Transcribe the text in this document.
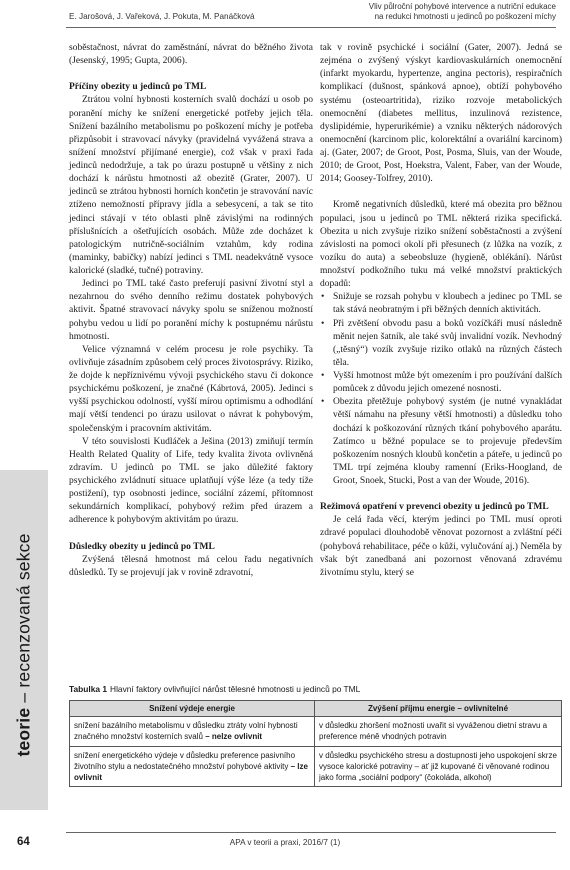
E. Jarošová, J. Vařeková, J. Pokuta, M. Panáčková
Vliv půlroční pohybové intervence a nutriční edukace
na redukci hmotnosti u jedinců po poškození míchy
teorie – recenzovaná sekce

soběstačnost, návrat do zaměstnání, návrat do běžného života (Jesenský, 1995; Gupta, 2006).

Příčiny obezity u jedinců po TML

Ztrátou volní hybnosti kosterních svalů dochází u osob po poranění míchy ke snížení energetické potřeby jejich těla. Snížení bazálního metabolismu po poškození míchy je potřeba přizpůsobit i stravovací návyky (pravidelná vyvážená strava a snížení množství přijímané energie), což však v praxi řada jedinců nedodržuje, a tak po úrazu postupně u většiny z nich dochází k nárůstu hmotnosti až obezitě (Grater, 2007). U jedinců se ztrátou hybnosti horních končetin je stravování navíc ztíženo nemožností přípravy jídla a sebesycení, a tak se tito jedinci stávají v této oblasti plně závislými na rodinných příslušnících a ošetřujících osobách. Může zde docházet k patologickým nutričně-sociálním vztahům, kdy rodina (maminky, babičky) nabízí jedinci s TML neadekvátně vysoce kalorické (sladké, tučné) potraviny.

Jedinci po TML také často preferují pasivní životní styl a nezahrnou do svého denního režimu dostatek pohybových aktivit. Špatné stravovací návyky spolu se sníženou možností pohybu vedou u lidí po poranění míchy k postupnému nárůstu hmotnosti.

Velice významná v celém procesu je role psychiky. Ta ovlivňuje zásadním způsobem celý proces životosprávy. Riziko, že dojde k nepříznivému vývoji psychického stavu či dokonce psychickému poškození, je značné (Kábrtová, 2005). Jedinci s vyšší psychickou odolností, vyšší mírou optimismu a odhodlání mají větší tendenci po úrazu usilovat o návrat k pohybovým, společenským i pracovním aktivitám.

V této souvislosti Kudláček a Ješina (2013) zmiňují termín Health Related Quality of Life, tedy kvalita života ovlivněná zdravím. U jedinců po TML se jako důležité faktory psychického zvládnutí situace uplatňují výše léze (a tedy tíže postižení), typ osobnosti jedince, sociální zázemí, přítomnost sekundárních komplikací, pohybový režim před úrazem a adherence k pohybovým aktivitám po úrazu.

Důsledky obezity u jedinců po TML

Zvýšená tělesná hmotnost má celou řadu negativních důsledků. Ty se projevují jak v rovině zdravotní,

tak v rovině psychické i sociální (Gater, 2007). Jedná se zejména o zvýšený výskyt kardiovaskulárních onemocnění (infarkt myokardu, hypertenze, angina pectoris), respiračních komplikací (dušnost, spánková apnoe), obtíží pohybového systému (osteoartritida), riziko rozvoje metabolických onemocnění (diabetes mellitus, inzulinová rezistence, dyslipidémie, hyperurikémie) a vzniku některých nádorových onemocnění (karcinom plic, kolorektální a ovariální karcinom) aj. (Gater, 2007; de Groot, Post, Posma, Sluis, van der Woude, 2010; de Groot, Post, Hoekstra, Valent, Faber, van der Woude, 2014; Goosey-Tolfrey, 2010).

Kromě negativních důsledků, které má obezita pro běžnou populaci, jsou u jedinců po TML některá rizika specifická. Obezita u nich zvyšuje riziko snížení soběstačnosti a zvýšení závislosti na pomoci okolí při přesunech (z lůžka na vozík, z vozíku do auta) a sebeobsluze (hygieně, oblékání). Nárůst množství podkožního tuku má velké množství praktických dopadů:

• Snižuje se rozsah pohybu v kloubech a jedinec po TML se tak stává neobratným i při běžných denních aktivitách.
• Při zvětšení obvodu pasu a boků vozíčkáři musí následně měnit nejen šatník, ale také svůj invalidní vozík. Nevhodný („těsný“) vozík zvyšuje riziko otlaků na různých částech těla.
• Vyšší hmotnost může být omezením i pro používání dalších pomůcek z důvodu jejich omezené nosnosti.
• Obezita přetěžuje pohybový systém (je nutné vynakládat větší námahu na přesuny větší hmotnosti) a důsledku toho dochází k poškozování různých tkání pohybového aparátu. Zatímco u běžné populace se to projevuje především poškozením nosných kloubů končetin a páteře, u jedinců po TML trpí zejména klouby ramenní (Eriks-Hoogland, de Groot, Snoek, Stucki, Post a van der Woude, 2016).
Režimová opatření v prevenci obezity u jedinců po TML

Je celá řada věcí, kterým jedinci po TML musí oproti zdravé populaci dlouhodobě věnovat pozornost a zvláštní péči (pohybová rehabilitace, péče o kůži, vylučování aj.) Neměla by však být zanedbaná ani pozornost věnovaná zdravému životnímu stylu, který se

Tabulka 1 Hlavní faktory ovlivňující nárůst tělesné hmotnosti u jedinců po TML
Snížení výdeje energie	Zvýšení příjmu energie – ovlivnitelné
snížení bazálního metabolismu v důsledku ztráty volní hybnosti značného množství kosterních svalů – nelze ovlivnit	v důsledku zhoršení možnosti uvařit si vyváženou dietní stravu a preference méně vhodných potravin
snížení energetického výdeje v důsledku preference pasivního životního stylu a nedostatečného množství pohybové aktivity – lze ovlivnit	v důsledku psychického stresu a dostupnosti jeho uspokojení skrze vysoce kalorické potraviny – ať již kupované či věnované rodinou jako forma „sociální podpory“ (čokoláda, alkohol)
64	APA v teorii a praxi, 2016/7 (1)
